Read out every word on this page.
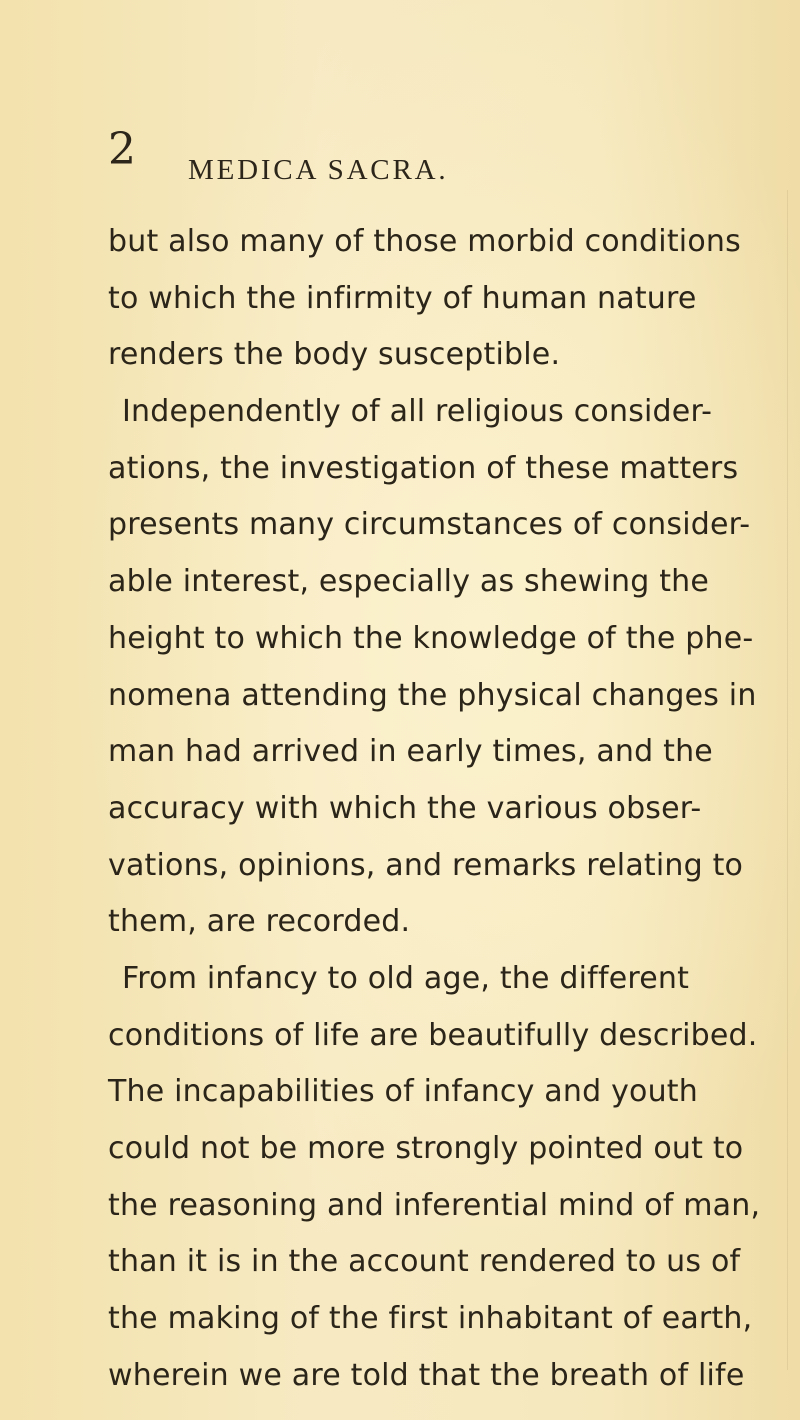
2 MEDICA SACRA.
but also many of those morbid conditions
to which the infirmity of human nature
renders the body susceptible.
Independently of all religious consider-
ations, the investigation of these matters
presents many circumstances of consider-
able interest, especially as shewing the
height to which the knowledge of the phe-
nomena attending the physical changes in
man had arrived in early times, and the
accuracy with which the various obser-
vations, opinions, and remarks relating to
them, are recorded.
From infancy to old age, the different
conditions of life are beautifully described.
The incapabilities of infancy and youth
could not be more strongly pointed out to
the reasoning and inferential mind of man,
than it is in the account rendered to us of
the making of the first inhabitant of earth,
wherein we are told that the breath of life
